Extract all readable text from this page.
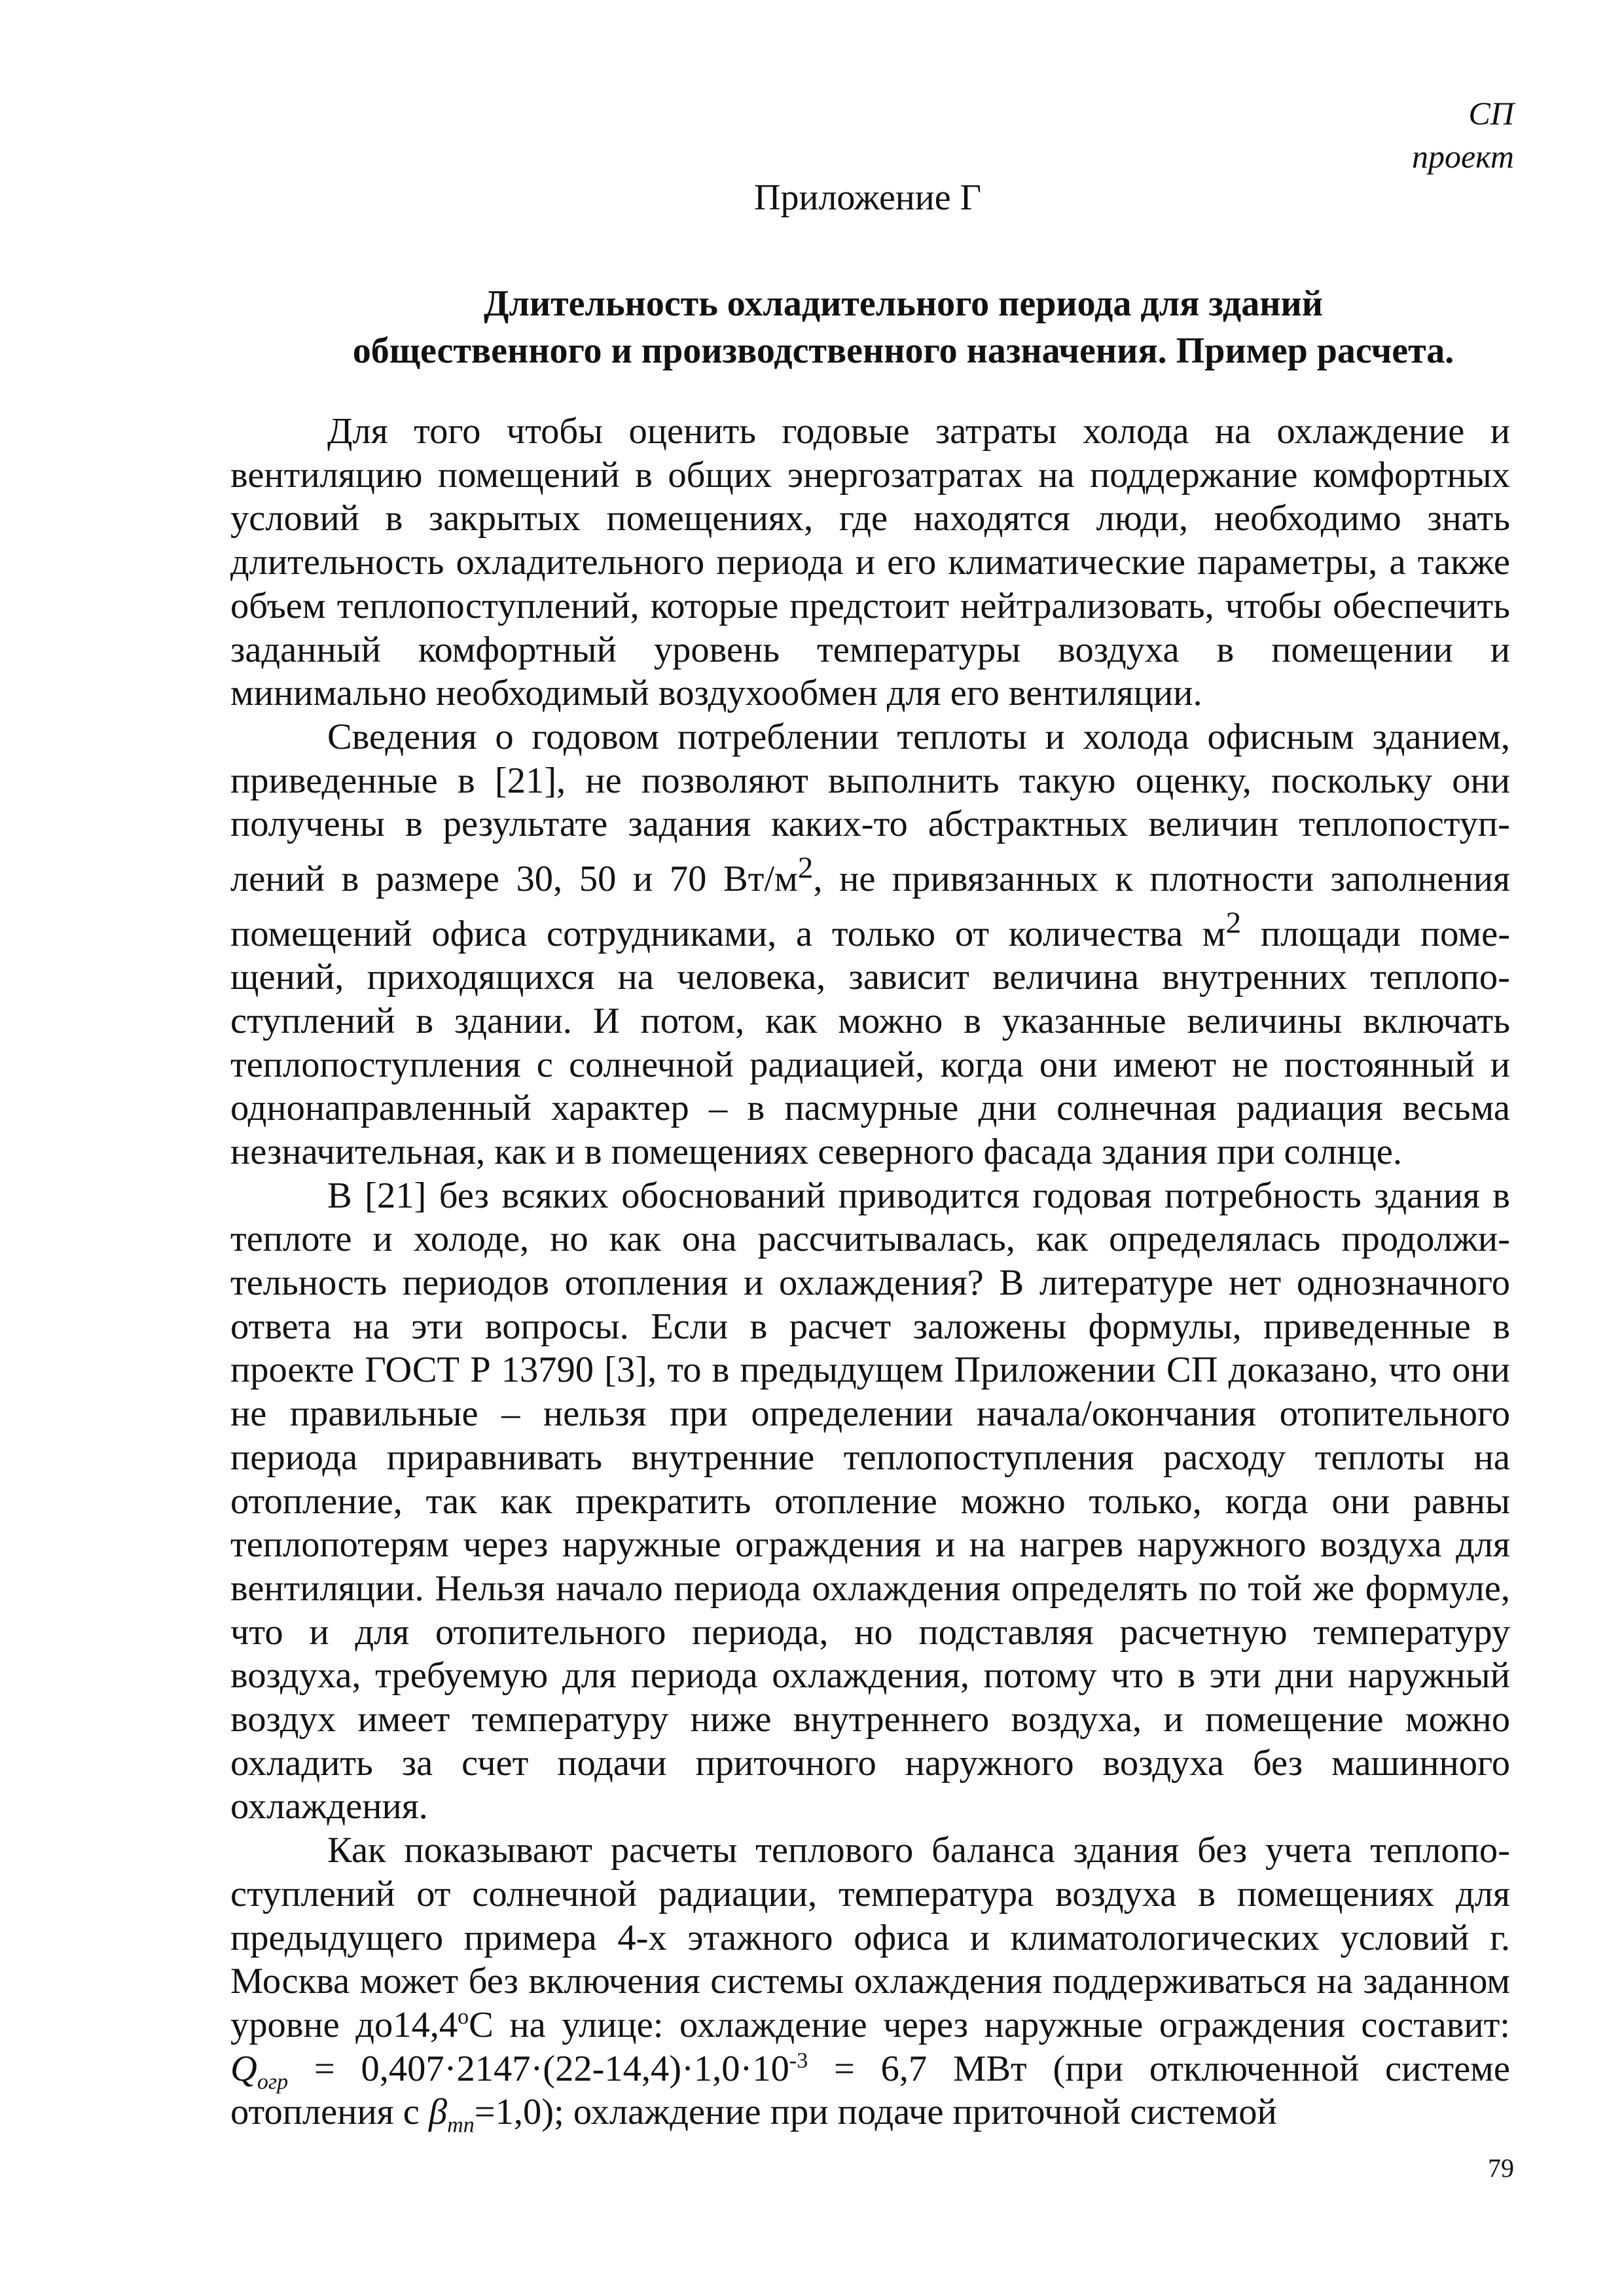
СП
проект
Приложение Г
Длительность охладительного периода для зданий
общественного и производственного назначения. Пример расчета.

Для того чтобы оценить годовые затраты холода на охлаждение и вентиляцию помещений в общих энергозатратах на поддержание комфортных условий в закрытых помещениях, где находятся люди, необходимо знать длительность охладительного периода и его климатические параметры, а также объем теплопоступлений, которые предстоит нейтрализовать, чтобы обеспечить заданный комфортный уровень температуры воздуха в помещении и минимально необходимый воздухообмен для его вентиляции.

Сведения о годовом потреблении теплоты и холода офисным зданием, приведенные в [21], не позволяют выполнить такую оценку, поскольку они получены в результате задания каких-то абстрактных величин теплопоступлений в размере 30, 50 и 70 $Вт/м^2$, не привязанных к плотности заполнения помещений офиса сотрудниками, а только от количества $м^2$ площади помещений, приходящихся на человека, зависит величина внутренних теплопоступлений в здании. И потом, как можно в указанные величины включать теплопоступления с солнечной радиацией, когда они имеют не постоянный и однонаправленный характер – в пасмурные дни солнечная радиация весьма незначительная, как и в помещениях северного фасада здания при солнце.

В [21] без всяких обоснований приводится годовая потребность здания в теплоте и холоде, но как она рассчитывалась, как определялась продолжительность периодов отопления и охлаждения? В литературе нет однозначного ответа на эти вопросы. Если в расчет заложены формулы, приведенные в проекте ГОСТ Р 13790 [3], то в предыдущем Приложении СП доказано, что они не правильные – нельзя при определении начала/окончания отопительного периода приравнивать внутренние теплопоступления расходу теплоты на отопление, так как прекратить отопление можно только, когда они равны теплопотерям через наружные ограждения и на нагрев наружного воздуха для вентиляции. Нельзя начало периода охлаждения определять по той же формуле, что и для отопительного периода, но подставляя расчетную температуру воздуха, требуемую для периода охлаждения, потому что в эти дни наружный воздух имеет температуру ниже внутреннего воздуха, и помещение можно охладить за счет подачи приточного наружного воздуха без машинного охлаждения.

Как показывают расчеты теплового баланса здания без учета теплопоступлений от солнечной радиации, температура воздуха в помещениях для предыдущего примера 4-х этажного офиса и климатологических условий г. Москва может без включения системы охлаждения поддерживаться на заданном уровне $до14,4^оС$ на улице: охлаждение через наружные ограждения составит: $Q_{огр} = 0,407\cdot 2147\cdot(22-14,4)\cdot 1,0\cdot 10^{-3} = 6,7$ МВт (при отключенной системе отопления с $\beta_{тп}=1,0$); охлаждение при подаче приточной системой

79
